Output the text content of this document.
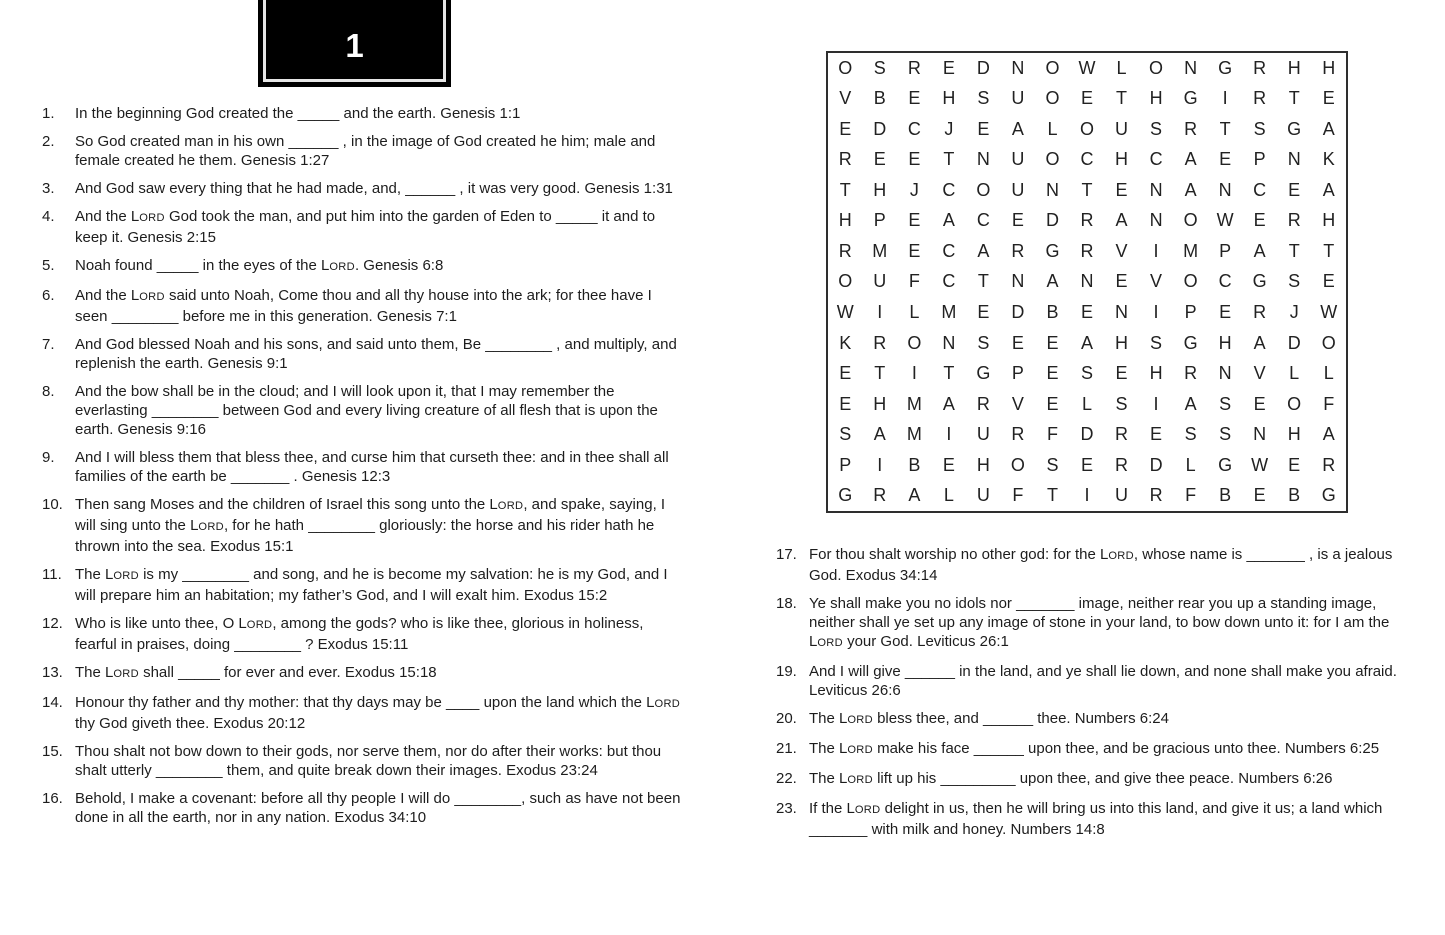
1
O	S	R	E	D	N	O	W	L	O	N	G	R	H	H
V	B	E	H	S	U	O	E	T	H	G	I	R	T	E
E	D	C	J	E	A	L	O	U	S	R	T	S	G	A
R	E	E	T	N	U	O	C	H	C	A	E	P	N	K
T	H	J	C	O	U	N	T	E	N	A	N	C	E	A
H	P	E	A	C	E	D	R	A	N	O	W	E	R	H
R	M	E	C	A	R	G	R	V	I	M	P	A	T	T
O	U	F	C	T	N	A	N	E	V	O	C	G	S	E
W	I	L	M	E	D	B	E	N	I	P	E	R	J	W
K	R	O	N	S	E	E	A	H	S	G	H	A	D	O
E	T	I	T	G	P	E	S	E	H	R	N	V	L	L
E	H	M	A	R	V	E	L	S	I	A	S	E	O	F
S	A	M	I	U	R	F	D	R	E	S	S	N	H	A
P	I	B	E	H	O	S	E	R	D	L	G	W	E	R
G	R	A	L	U	F	T	I	U	R	F	B	E	B	G
1.	In the beginning God created the _____ and the earth. Genesis 1:1
2.	So God created man in his own ______ , in the image of God created he him; male and female created he them. Genesis 1:27
3.	And God saw every thing that he had made, and, ______ , it was very good. Genesis 1:31
4.	And the LORD God took the man, and put him into the garden of Eden to _____ it and to keep it. Genesis 2:15
5.	Noah found _____ in the eyes of the LORD. Genesis 6:8
6.	And the LORD said unto Noah, Come thou and all thy house into the ark; for thee have I seen ________ before me in this generation. Genesis 7:1
7.	And God blessed Noah and his sons, and said unto them, Be ________ , and multiply, and replenish the earth. Genesis 9:1
8.	And the bow shall be in the cloud; and I will look upon it, that I may remember the everlasting ________ between God and every living creature of all flesh that is upon the earth. Genesis 9:16
9.	And I will bless them that bless thee, and curse him that curseth thee: and in thee shall all families of the earth be _______ . Genesis 12:3
10. Then sang Moses and the children of Israel this song unto the LORD, and spake, saying, I will sing unto the LORD, for he hath ________ gloriously: the horse and his rider hath he thrown into the sea. Exodus 15:1
11. The LORD is my ________ and song, and he is become my salvation: he is my God, and I will prepare him an habitation; my father’s God, and I will exalt him. Exodus 15:2
12. Who is like unto thee, O LORD, among the gods? who is like thee, glorious in holiness, fearful in praises, doing ________ ? Exodus 15:11
13. The LORD shall _____ for ever and ever. Exodus 15:18
14. Honour thy father and thy mother: that thy days may be ____ upon the land which the LORD thy God giveth thee. Exodus 20:12
15. Thou shalt not bow down to their gods, nor serve them, nor do after their works: but thou shalt utterly ________ them, and quite break down their images. Exodus 23:24
16. Behold, I make a covenant: before all thy people I will do ________, such as have not been done in all the earth, nor in any nation. Exodus 34:10
17. For thou shalt worship no other god: for the LORD, whose name is _______ , is a jealous God. Exodus 34:14
18. Ye shall make you no idols nor _______ image, neither rear you up a standing image, neither shall ye set up any image of stone in your land, to bow down unto it: for I am the LORD your God. Leviticus 26:1
19. And I will give ______ in the land, and ye shall lie down, and none shall make you afraid. Leviticus 26:6
20. The LORD bless thee, and ______ thee. Numbers 6:24
21. The LORD make his face ______ upon thee, and be gracious unto thee. Numbers 6:25
22. The LORD lift up his _________ upon thee, and give thee peace. Numbers 6:26
23. If the LORD delight in us, then he will bring us into this land, and give it us; a land which _______ with milk and honey. Numbers 14:8
